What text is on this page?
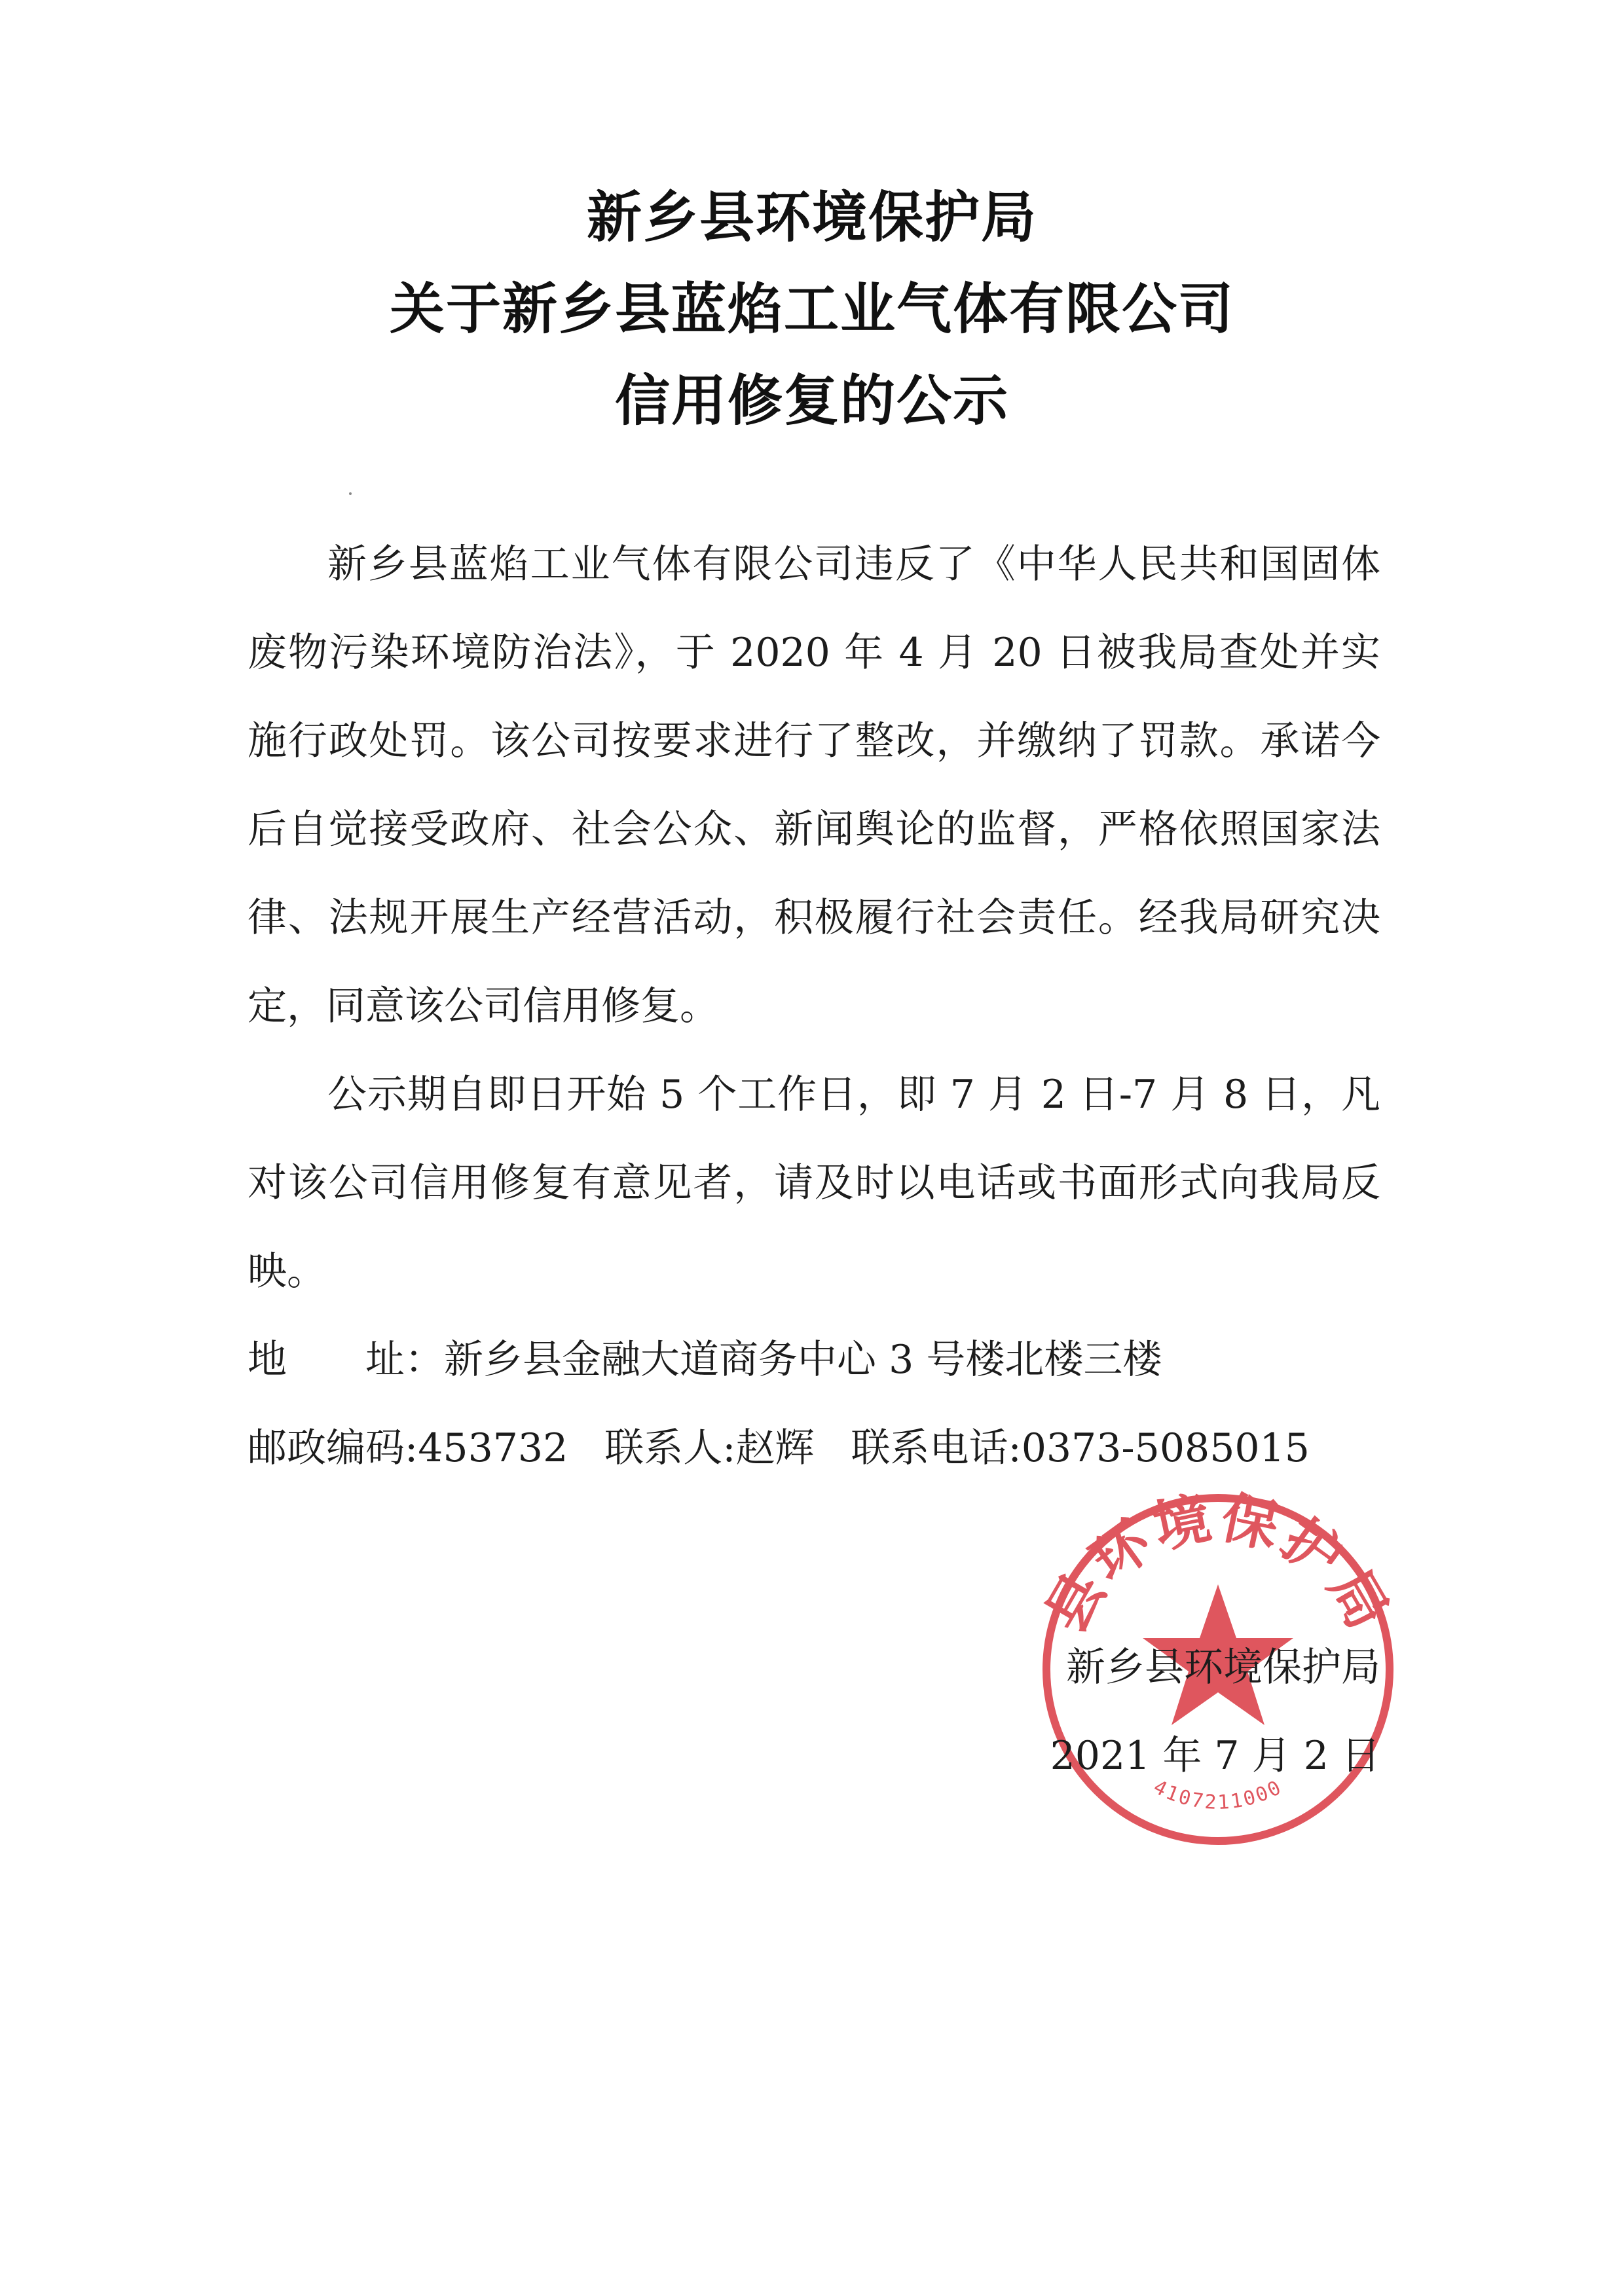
新乡县环境保护局
关于新乡县蓝焰工业气体有限公司
信用修复的公示

新乡县蓝焰工业气体有限公司违反了《中华人民共和国固体废物污染环境防治法》，于 2020 年 4 月 20 日被我局查处并实施行政处罚。该公司按要求进行了整改，并缴纳了罚款。承诺今后自觉接受政府、社会公众、新闻舆论的监督，严格依照国家法律、法规开展生产经营活动，积极履行社会责任。经我局研究决定，同意该公司信用修复。

公示期自即日开始 5 个工作日，即 7 月 2 日-7 月 8 日，凡对该公司信用修复有意见者，请及时以电话或书面形式向我局反映。

地 址：新乡县金融大道商务中心 3 号楼北楼三楼

邮政编码:453732 联系人:赵辉 联系电话:0373-5085015

县环境保护局
4107211000
新乡县环境保护局
2021 年 7 月 2 日
